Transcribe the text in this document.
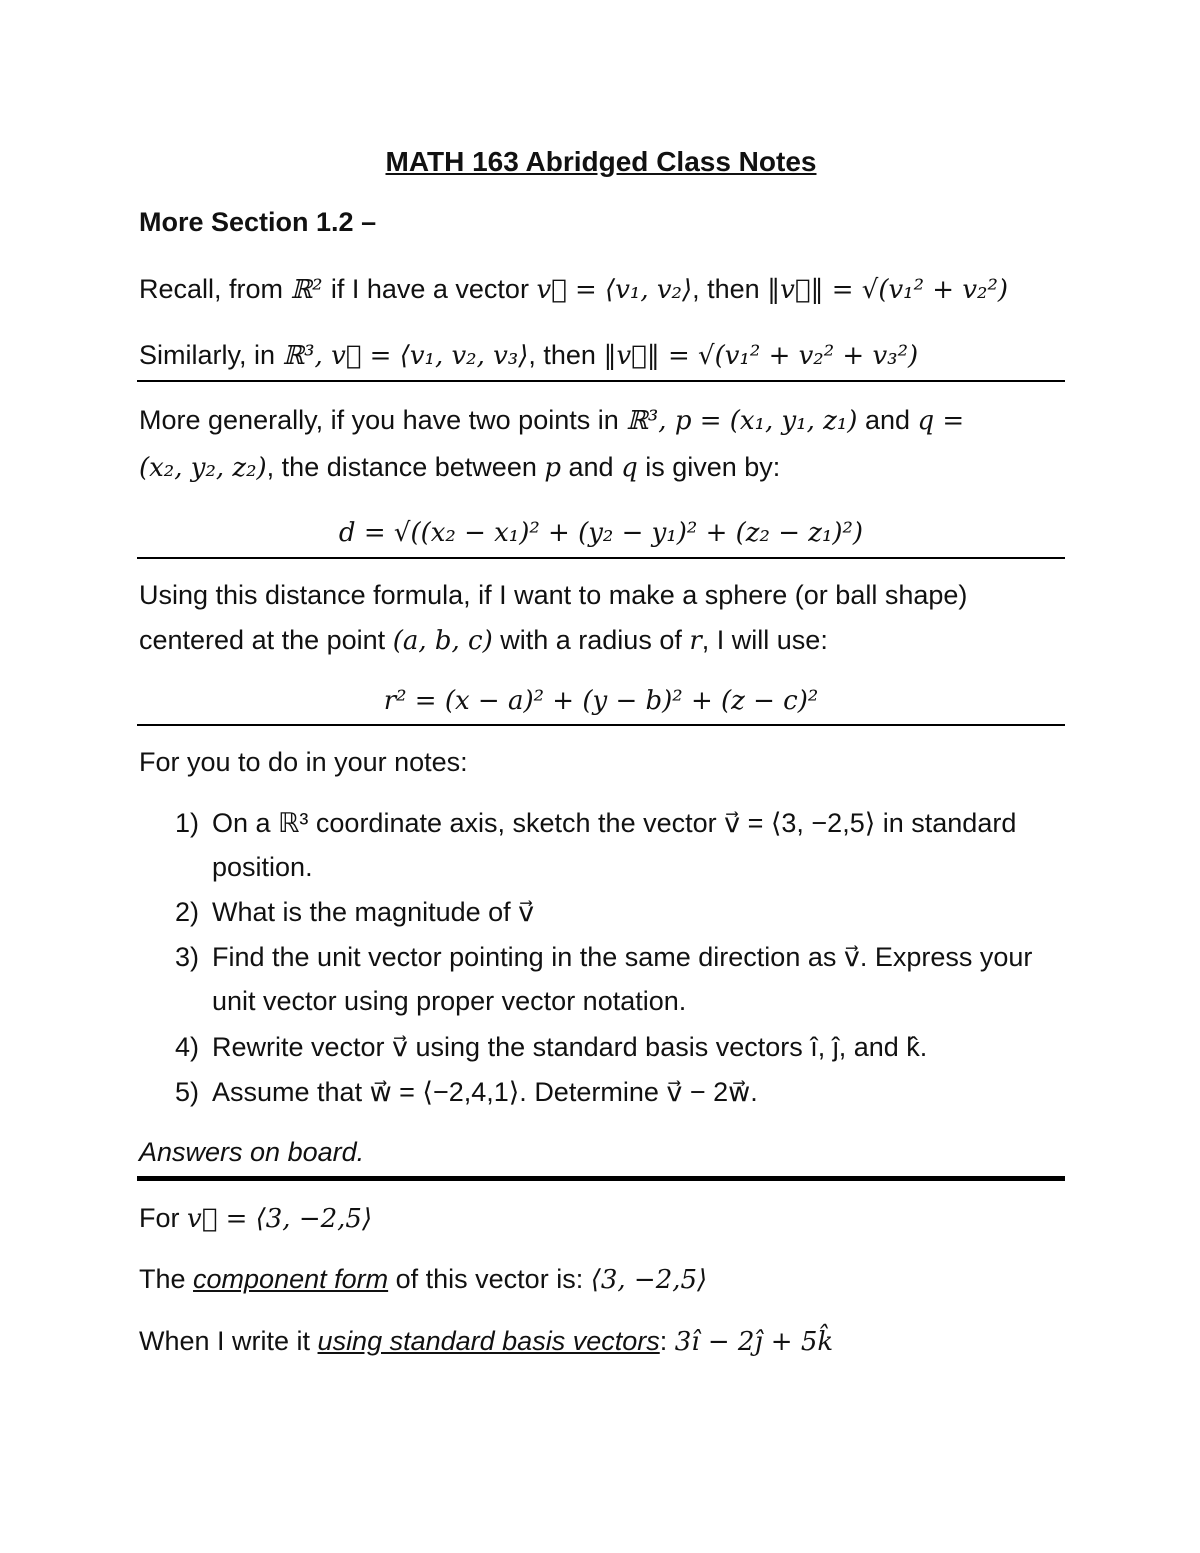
MATH 163 Abridged Class Notes
More Section 1.2 –
Recall, from ℝ² if I have a vector v⃗ = ⟨v₁, v₂⟩, then ‖v⃗‖ = √(v₁² + v₂²)
Similarly, in ℝ³, v⃗ = ⟨v₁, v₂, v₃⟩, then ‖v⃗‖ = √(v₁² + v₂² + v₃²)
More generally, if you have two points in ℝ³, p = (x₁, y₁, z₁) and q =
(x₂, y₂, z₂), the distance between p and q is given by:
d = √((x₂ − x₁)² + (y₂ − y₁)² + (z₂ − z₁)²)
Using this distance formula, if I want to make a sphere (or ball shape)
centered at the point (a, b, c) with a radius of r, I will use:
r² = (x − a)² + (y − b)² + (z − c)²
For you to do in your notes:
1) On a ℝ³ coordinate axis, sketch the vector v⃗ = ⟨3, −2,5⟩ in standard position.
2) What is the magnitude of v⃗
3) Find the unit vector pointing in the same direction as v⃗. Express your unit vector using proper vector notation.
4) Rewrite vector v⃗ using the standard basis vectors î, ĵ, and k̂.
5) Assume that w⃗ = ⟨−2,4,1⟩. Determine v⃗ − 2w⃗.
Answers on board.
For v⃗ = ⟨3, −2,5⟩
The component form of this vector is: ⟨3, −2,5⟩
When I write it using standard basis vectors: 3î − 2ĵ + 5k̂
